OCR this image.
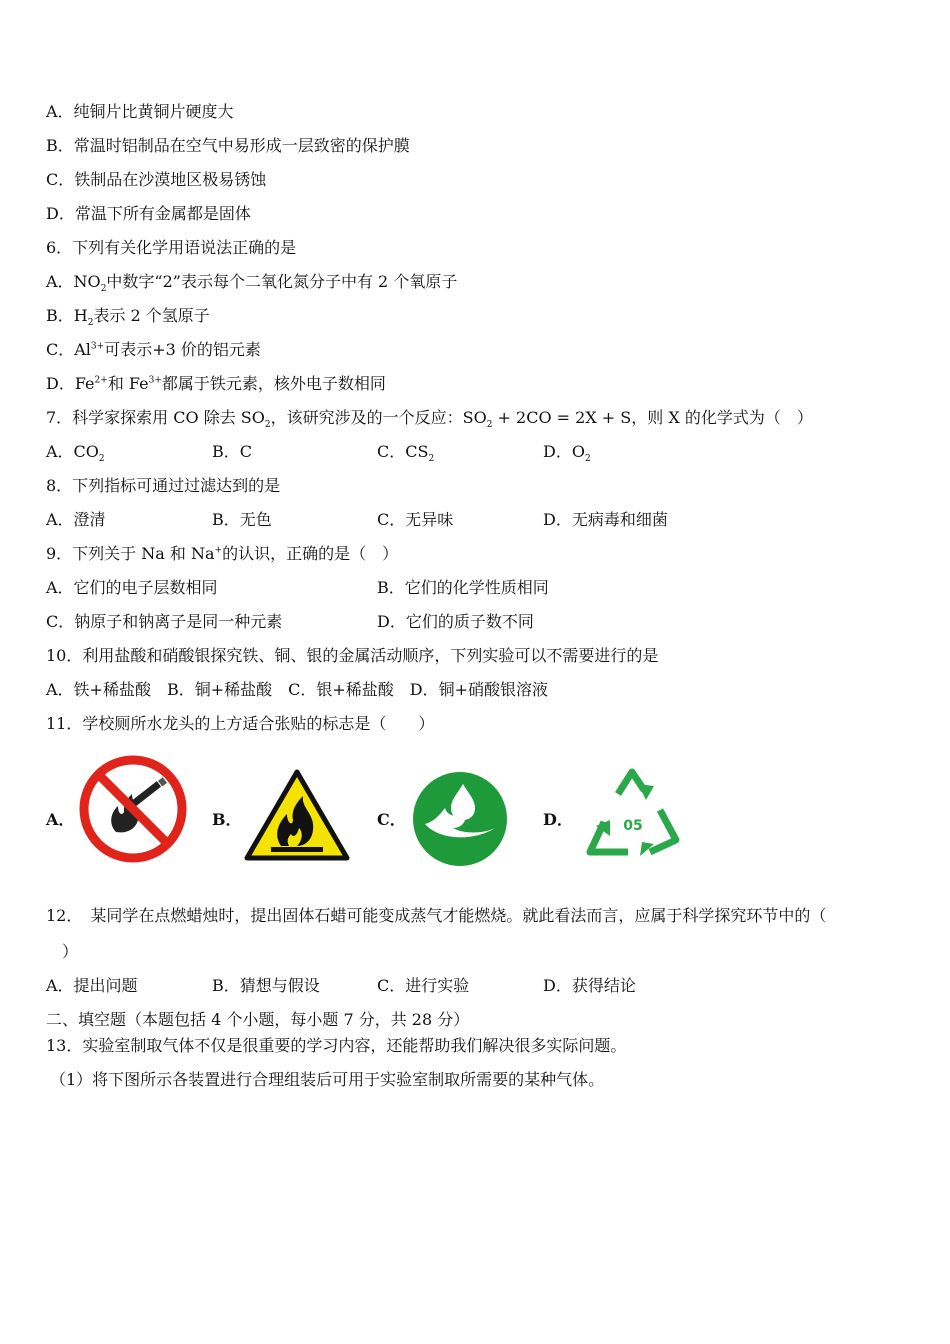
A．纯铜片比黄铜片硬度大
B．常温时铝制品在空气中易形成一层致密的保护膜
C．铁制品在沙漠地区极易锈蚀
D．常温下所有金属都是固体
6．下列有关化学用语说法正确的是
A．$NO_2$中数字“2”表示每个二氧化氮分子中有 2 个氧原子
B．$H_2$表示 2 个氢原子
C．$Al^{3+}$可表示+3 价的铝元素
D．$Fe^{2+}$和 $Fe^{3+}$都属于铁元素，核外电子数相同
7．科学家探索用 CO 除去 $SO_2$，该研究涉及的一个反应：$SO_2 + 2CO = 2X + S$，则 X 的化学式为（　）
A．$CO_2$	B．C	C．$CS_2$	D．$O_2$
8．下列指标可通过过滤达到的是
A．澄清	B．无色	C．无异味	D．无病毒和细菌
9．下列关于 Na 和 Na+的认识，正确的是（　）
A．它们的电子层数相同	B．它们的化学性质相同
C．钠原子和钠离子是同一种元素	D．它们的质子数不同
10．利用盐酸和硝酸银探究铁、铜、银的金属活动顺序，下列实验可以不需要进行的是
A．铁+稀盐酸　B．铜+稀盐酸　C．银+稀盐酸　D．铜+硝酸银溶液
11．学校厕所水龙头的上方适合张贴的标志是（　　）
A．	B．	C．	D．	05
12．　某同学在点燃蜡烛时，提出固体石蜡可能变成蒸气才能燃烧。就此看法而言，应属于科学探究环节中的（
）
A．提出问题	B．猜想与假设	C．进行实验	D．获得结论
二、填空题（本题包括 4 个小题，每小题 7 分，共 28 分）
13．实验室制取气体不仅是很重要的学习内容，还能帮助我们解决很多实际问题。
（1）将下图所示各装置进行合理组装后可用于实验室制取所需要的某种气体。
